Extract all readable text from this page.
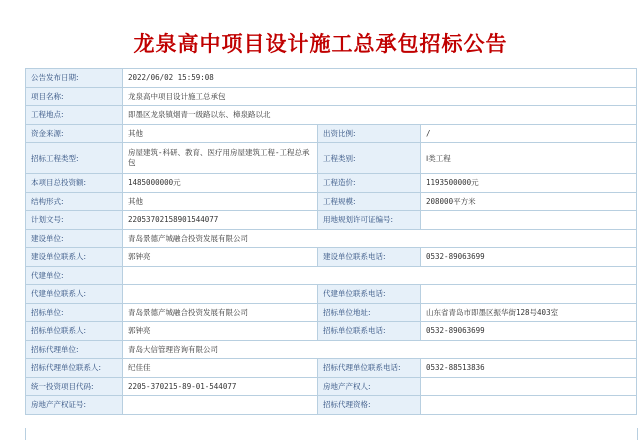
龙泉高中项目设计施工总承包招标公告
公告发布日期:	2022/06/02 15:59:08		
项目名称:	龙泉高中项目设计施工总承包		
工程地点:	即墨区龙泉镇烟青一级路以东、樟泉路以北		
资金来源:	其他	出资比例:	/
招标工程类型:	房屋建筑-科研、教育、医疗用房屋建筑工程-工程总承包	工程类别:	Ⅰ类工程
本项目总投资额:	1485000000元	工程造价:	1193500000元
结构形式:	其他	工程规模:	208000平方米
计划文号:	2205370215890154407​7	用地规划许可证编号:	
建设单位:	青岛景德产城融合投资发展有限公司		
建设单位联系人:	郭钟亮	建设单位联系电话:	0532-89063699
代建单位:			
代建单位联系人:		代建单位联系电话:	
招标单位:	青岛景德产城融合投资发展有限公司	招标单位地址:	山东省青岛市即墨区振华街128号403室
招标单位联系人:	郭钟亮	招标单位联系电话:	0532-89063699
招标代理单位:	青岛大信管理咨询有限公司		
招标代理单位联系人:	纪佳佳	招标代理单位联系电话:	0532-88513836
统一投资项目代码:	2205-370215-89-01-544077	房地产产权人:	
房地产产权证号:		招标代理资格:	
